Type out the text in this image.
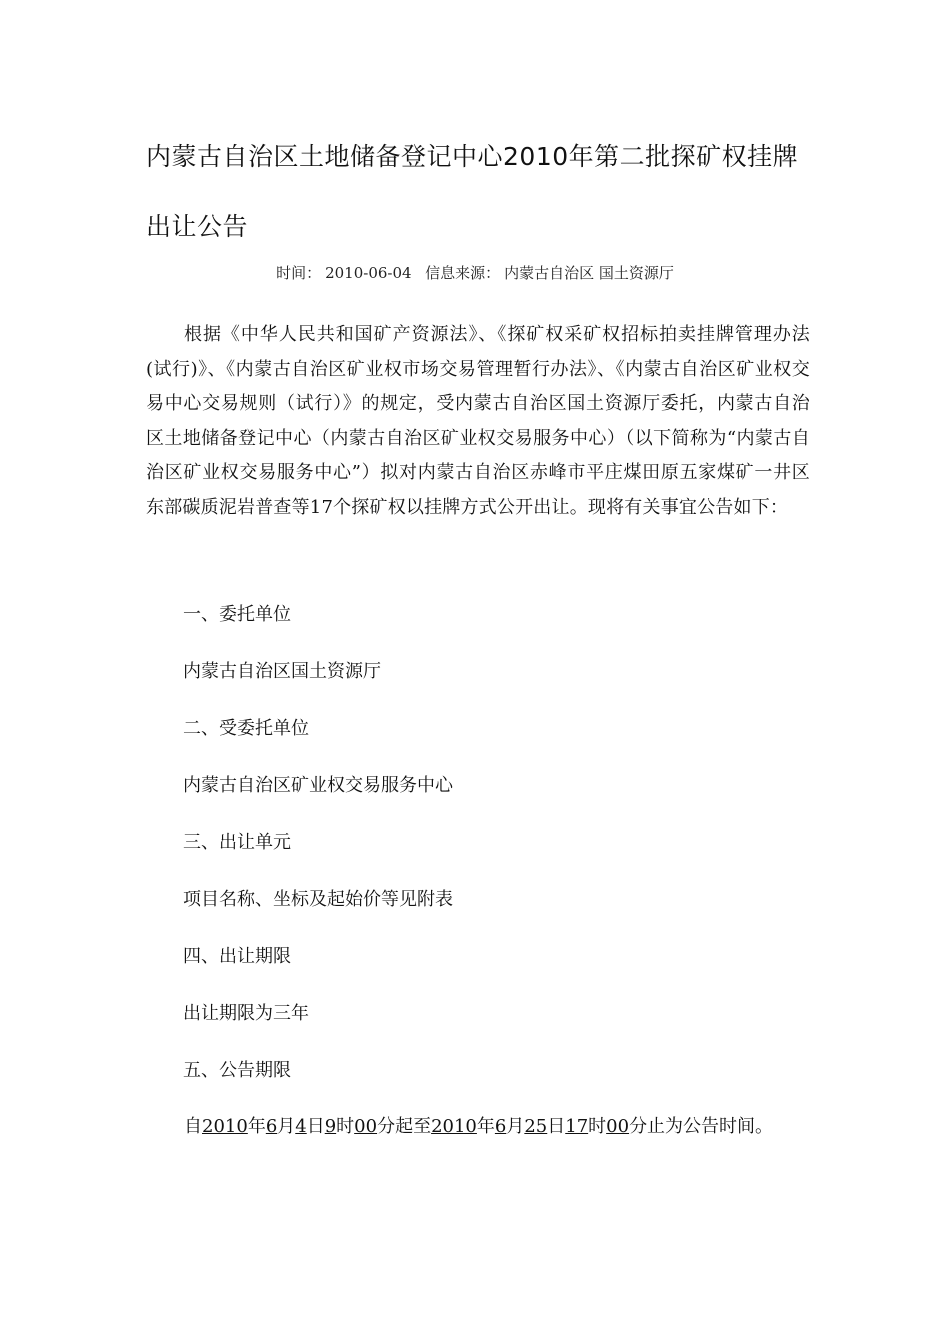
内蒙古自治区土地储备登记中心2010年第二批探矿权挂牌
出让公告
时间： 2010-06-04 信息来源： 内蒙古自治区 国土资源厅

根据《中华人民共和国矿产资源法》、《探矿权采矿权招标拍卖挂牌管理办法(试行)》、《内蒙古自治区矿业权市场交易管理暂行办法》、《内蒙古自治区矿业权交易中心交易规则（试行）》的规定，受内蒙古自治区国土资源厅委托，内蒙古自治区土地储备登记中心（内蒙古自治区矿业权交易服务中心）（以下简称为“内蒙古自治区矿业权交易服务中心”）拟对内蒙古自治区赤峰市平庄煤田原五家煤矿一井区东部碳质泥岩普查等17个探矿权以挂牌方式公开出让。现将有关事宜公告如下：

一、委托单位

内蒙古自治区国土资源厅

二、受委托单位

内蒙古自治区矿业权交易服务中心

三、出让单元

项目名称、坐标及起始价等见附表

四、出让期限

出让期限为三年

五、公告期限

自2010年6月4日9时00分起至2010年6月25日17时00分止为公告时间。
